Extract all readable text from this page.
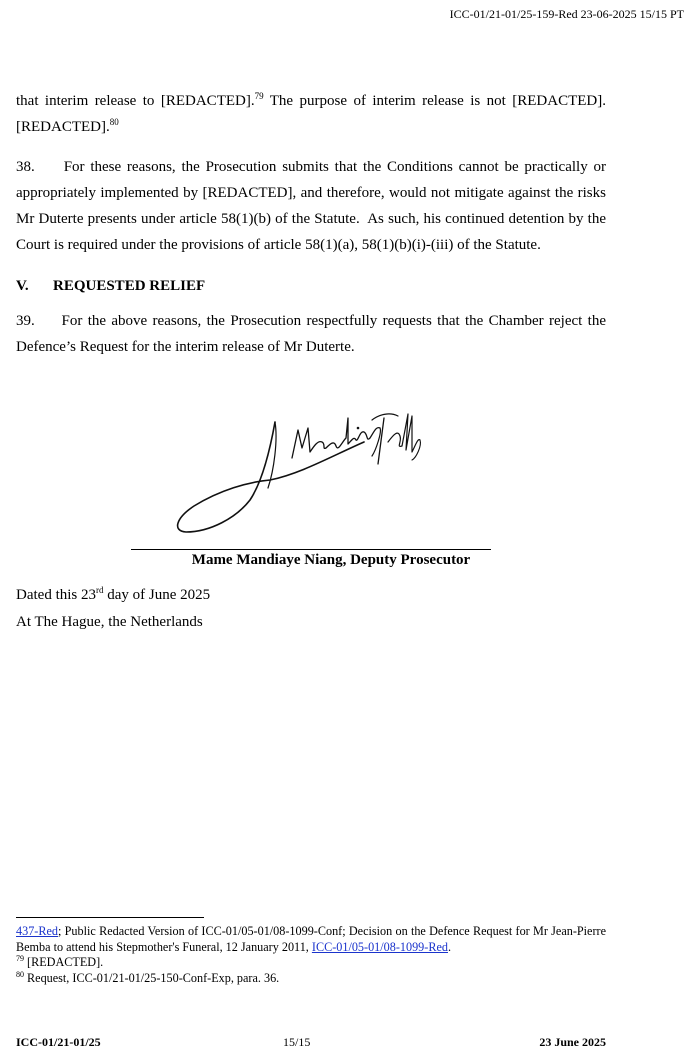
ICC-01/21-01/25-159-Red 23-06-2025 15/15 PT

that interim release to [REDACTED].$^{79}$ The purpose of interim release is not [REDACTED]. [REDACTED].$^{80}$

38.     For these reasons, the Prosecution submits that the Conditions cannot be practically or appropriately implemented by [REDACTED], and therefore, would not mitigate against the risks Mr Duterte presents under article 58(1)(b) of the Statute.  As such, his continued detention by the Court is required under the provisions of article 58(1)(a), 58(1)(b)(i)-(iii) of the Statute.

V. REQUESTED RELIEF

39.     For the above reasons, the Prosecution respectfully requests that the Chamber reject the Defence’s Request for the interim release of Mr Duterte.

Mame Mandiaye Niang, Deputy Prosecutor
Dated this 23rd day of June 2025
At The Hague, the Netherlands

437-Red; Public Redacted Version of ICC-01/05-01/08-1099-Conf; Decision on the Defence Request for Mr Jean-Pierre Bemba to attend his Stepmother's Funeral, 12 January 2011, ICC-01/05-01/08-1099-Red.

$^{79}$ [REDACTED].

$^{80}$ Request, ICC-01/21-01/25-150-Conf-Exp, para. 36.

ICC-01/21-01/25	15/15	23 June 2025
